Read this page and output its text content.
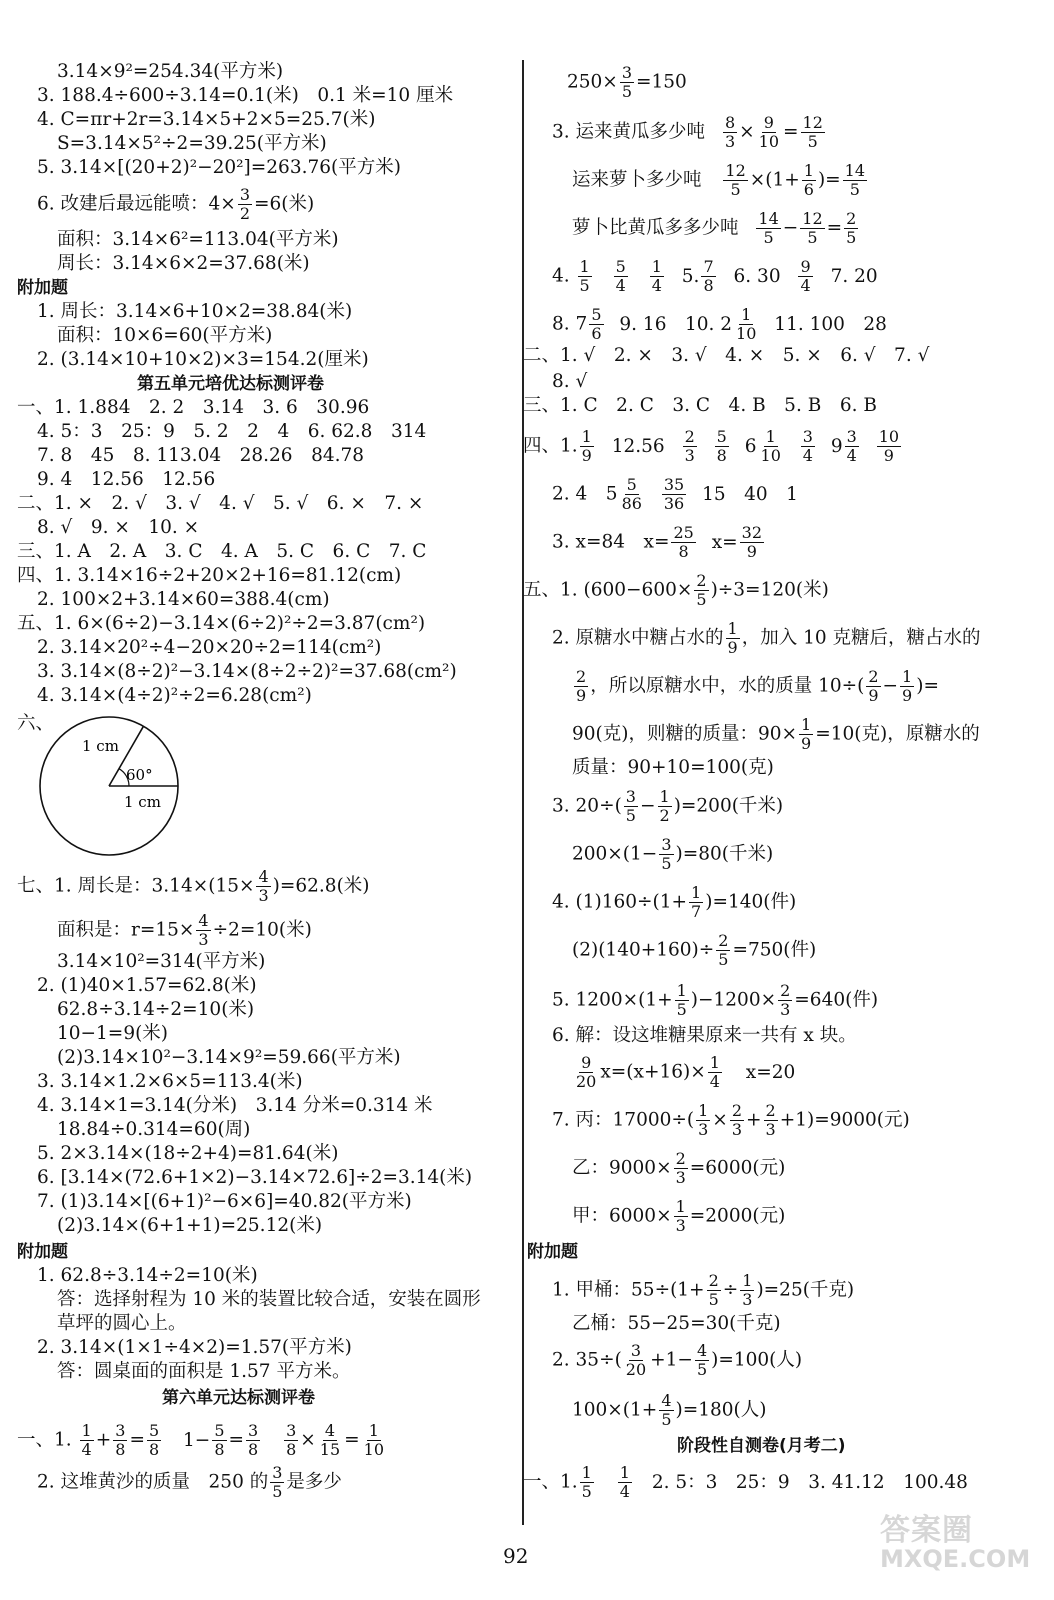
3.14×9²=254.34(平方米)
3. 188.4÷600÷3.14=0.1(米)　0.1 米=10 厘米
4. C=πr+2r=3.14×5+2×5=25.7(米)
S=3.14×5²÷2=39.25(平方米)
5. 3.14×[(20+2)²−20²]=263.76(平方米)
6. 改建后最远能喷：$4\times \frac{3}{2} =6$(米)
面积：3.14×6²=113.04(平方米)
周长：3.14×6×2=37.68(米)
附加题
1. 周长：3.14×6+10×2=38.84(米)
面积：10×6=60(平方米)
2. (3.14×10+10×2)×3=154.2(厘米)
第五单元培优达标测评卷
一、1. 1.884　2. 2　3.14　3. 6　30.96
4. 5：3　25：9　5. 2　2　4　6. 62.8　314
7. 8　45　8. 113.04　28.26　84.78
9. 4　12.56　12.56
二、1. ×　2. √　3. √　4. √　5. √　6. ×　7. ×
8. √　9. ×　10. ×
三、1. A　2. A　3. C　4. A　5. C　6. C　7. C
四、1. 3.14×16÷2+20×2+16=81.12(cm)
2. 100×2+3.14×60=388.4(cm)
五、1. 6×(6÷2)−3.14×(6÷2)²÷2=3.87(cm²)
2. 3.14×20²÷4−20×20÷2=114(cm²)
3. 3.14×(8÷2)²−3.14×(8÷2÷2)²=37.68(cm²)
4. 3.14×(4÷2)²÷2=6.28(cm²)
六、
1 cm
60°
1 cm
七、1. 周长是：$3.14\times(15\times \frac{4}{3} )=62.8$(米)
面积是：$r=15\times \frac{4}{3} \div 2=10$(米)
3.14×10²=314(平方米)
2. (1)40×1.57=62.8(米)
62.8÷3.14÷2=10(米)
10−1=9(米)
(2)3.14×10²−3.14×9²=59.66(平方米)
3. 3.14×1.2×6×5=113.4(米)
4. 3.14×1=3.14(分米)　3.14 分米=0.314 米
18.84÷0.314=60(周)
5. 2×3.14×(18÷2+4)=81.64(米)
6. [3.14×(72.6+1×2)−3.14×72.6]÷2=3.14(米)
7. (1)3.14×[(6+1)²−6×6]=40.82(平方米)
(2)3.14×(6+1+1)=25.12(米)
附加题
1. 62.8÷3.14÷2=10(米)
答：选择射程为 10 米的装置比较合适，安装在圆形
草坪的圆心上。
2. 3.14×(1×1÷4×2)=1.57(平方米)
答：圆桌面的面积是 1.57 平方米。
第六单元达标测评卷
一、1. $\frac{1}{4} + \frac{3}{8} = \frac{5}{8} 1- \frac{5}{8} = \frac{3}{8}$
$\frac{3}{8} \times \frac{4}{15} = \frac{1}{10}$
2. 这堆黄沙的质量　250 的 $\frac{3}{5}$ 是多少
$250\times \frac{3}{5} =150$
3. 运来黄瓜多少吨 $\frac{8}{3} \times \frac{9}{10} = \frac{12}{5}$
运来萝卜多少吨 $\frac{12}{5} \times(1+ \frac{1}{6}$ )= $\frac{14}{5}$
萝卜比黄瓜多多少吨 $\frac{14}{5} - \frac{12}{5} = \frac{2}{5}$
4. $\frac{1}{5}$
$\frac{5}{4}$
$\frac{1}{4} 5$. $\frac{7}{8} 6$. $30 \frac{9}{4} 7$. 20
8. $7 \frac{5}{6} 9$. 16　10. $2 \frac{1}{10} 11$. 100　28
二、1. √　2. ×　3. √　4. ×　5. ×　6. √　7. √
8. √
三、1. C　2. C　3. C　4. B　5. B　6. B
四、1. $\frac{1}{9} 12.56 \frac{2}{3}$
$\frac{5}{8} 6 \frac{1}{10}$
$\frac{3}{4} 9 \frac{3}{4}$
$\frac{10}{9}$
2. 4　$5 \frac{5}{86}$
$\frac{35}{36} 15$　40　1
3. x=84　$x= \frac{25}{8} x= \frac{32}{9}$
五、1. $(600-600\times \frac{2}{5} )\div 3=120$(米)
2. 原糖水中糖占水的 $\frac{1}{9}$ ，加入 10 克糖后，糖占水的
$\frac{2}{9}$ ，所以原糖水中，水的质量 $10\div( \frac{2}{9} - \frac{1}{9}$ )=
90(克)，则糖的质量：$90\times \frac{1}{9} =10$(克)，原糖水的
质量：90+10=100(克)
3. $20\div( \frac{3}{5} - \frac{1}{2} )=200$(千米)
$200\times(1- \frac{3}{5} )=80$(千米)
4. $(1)160\div(1+ \frac{1}{7} )=140$(件)
$(2)(140+160)\div \frac{2}{5} =750$(件)
5. $1200\times(1+ \frac{1}{5} )-1200\times \frac{2}{3} =640$(件)
6. 解：设这堆糖果原来一共有 x 块。
$\frac{9}{20} x=(x+16)\times \frac{1}{4} x=20$
7. 丙：$17000\div( \frac{1}{3} \times \frac{2}{3} + \frac{2}{3} +1)=9000$(元)
乙：$9000\times \frac{2}{3} =6000$(元)
甲：$6000\times \frac{1}{3} =2000$(元)
附加题
1. 甲桶：$55\div(1+ \frac{2}{5} \div \frac{1}{3} )=25$(千克)
乙桶：55−25=30(千克)
2. $35\div( \frac{3}{20} +1- \frac{4}{5} )=100$(人)
$100\times(1+ \frac{4}{5} )=180$(人)
阶段性自测卷(月考二)
一、1. $\frac{1}{5}$
$\frac{1}{4} 2$. 5：3　25：9　3. 41.12　100.48
92
答案圈
MXQE.COM
